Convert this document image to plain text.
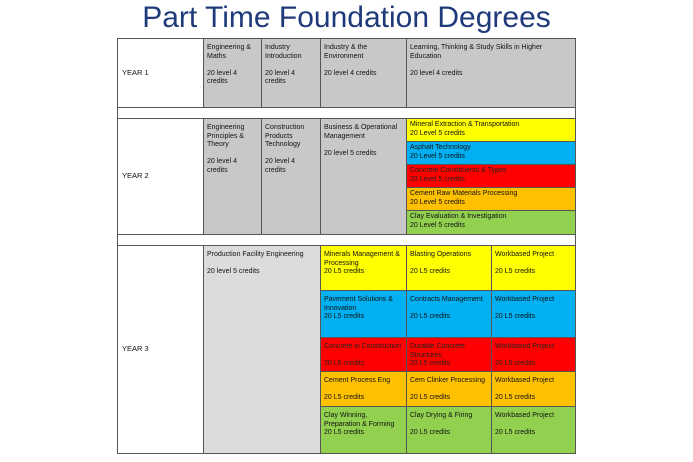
Part Time Foundation Degrees
YEAR 1
Engineering &
Maths

20 level 4
credits
Industry
Introduction

20 level 4
credits
Industry & the
Environment

20 level 4 credits
Learning, Thinking & Study Skills in Higher
Education

20 level 4 credits
YEAR 2
Engineering
Principles &
Theory

20 level 4
credits
Construction
Products
Technology

20 level 4
credits
Business & Operational
Management

20 level 5 credits
Mineral Extraction & Transportation
20 Level 5 credits
Asphalt Technology
20 Level 5 credits
Concrete Constituents & Types
20 Level 5 credits
Cement Raw Materials Processing
20 Level 5 credits
Clay Evaluation & Investigation
20 Level 5 credits
YEAR 3
Production Facility Engineering

20 level 5 credits
Minerals Management &
Processing
20 L5 credits
Blasting Operations

20 L5 credits
Workbased Project

20 L5 credits
Pavement Solutions &
Innovation
20 L5 credits
Contracts Management

20 L5 credits
Workbased Project

20 L5 credits
Concrete in Construction

20 L5 credits
Durable Concrete
Structures
20 L5 credits
Workbased Project

20 L5 credits
Cement Process Eng

20 L5 credits
Cem Clinker Processing

20 L5 credits
Workbased Project

20 L5 credits
Clay Winning,
Preparation & Forming
20 L5 credits
Clay Drying & Firing

20 L5 credits
Workbased Project

20 L5 credits
